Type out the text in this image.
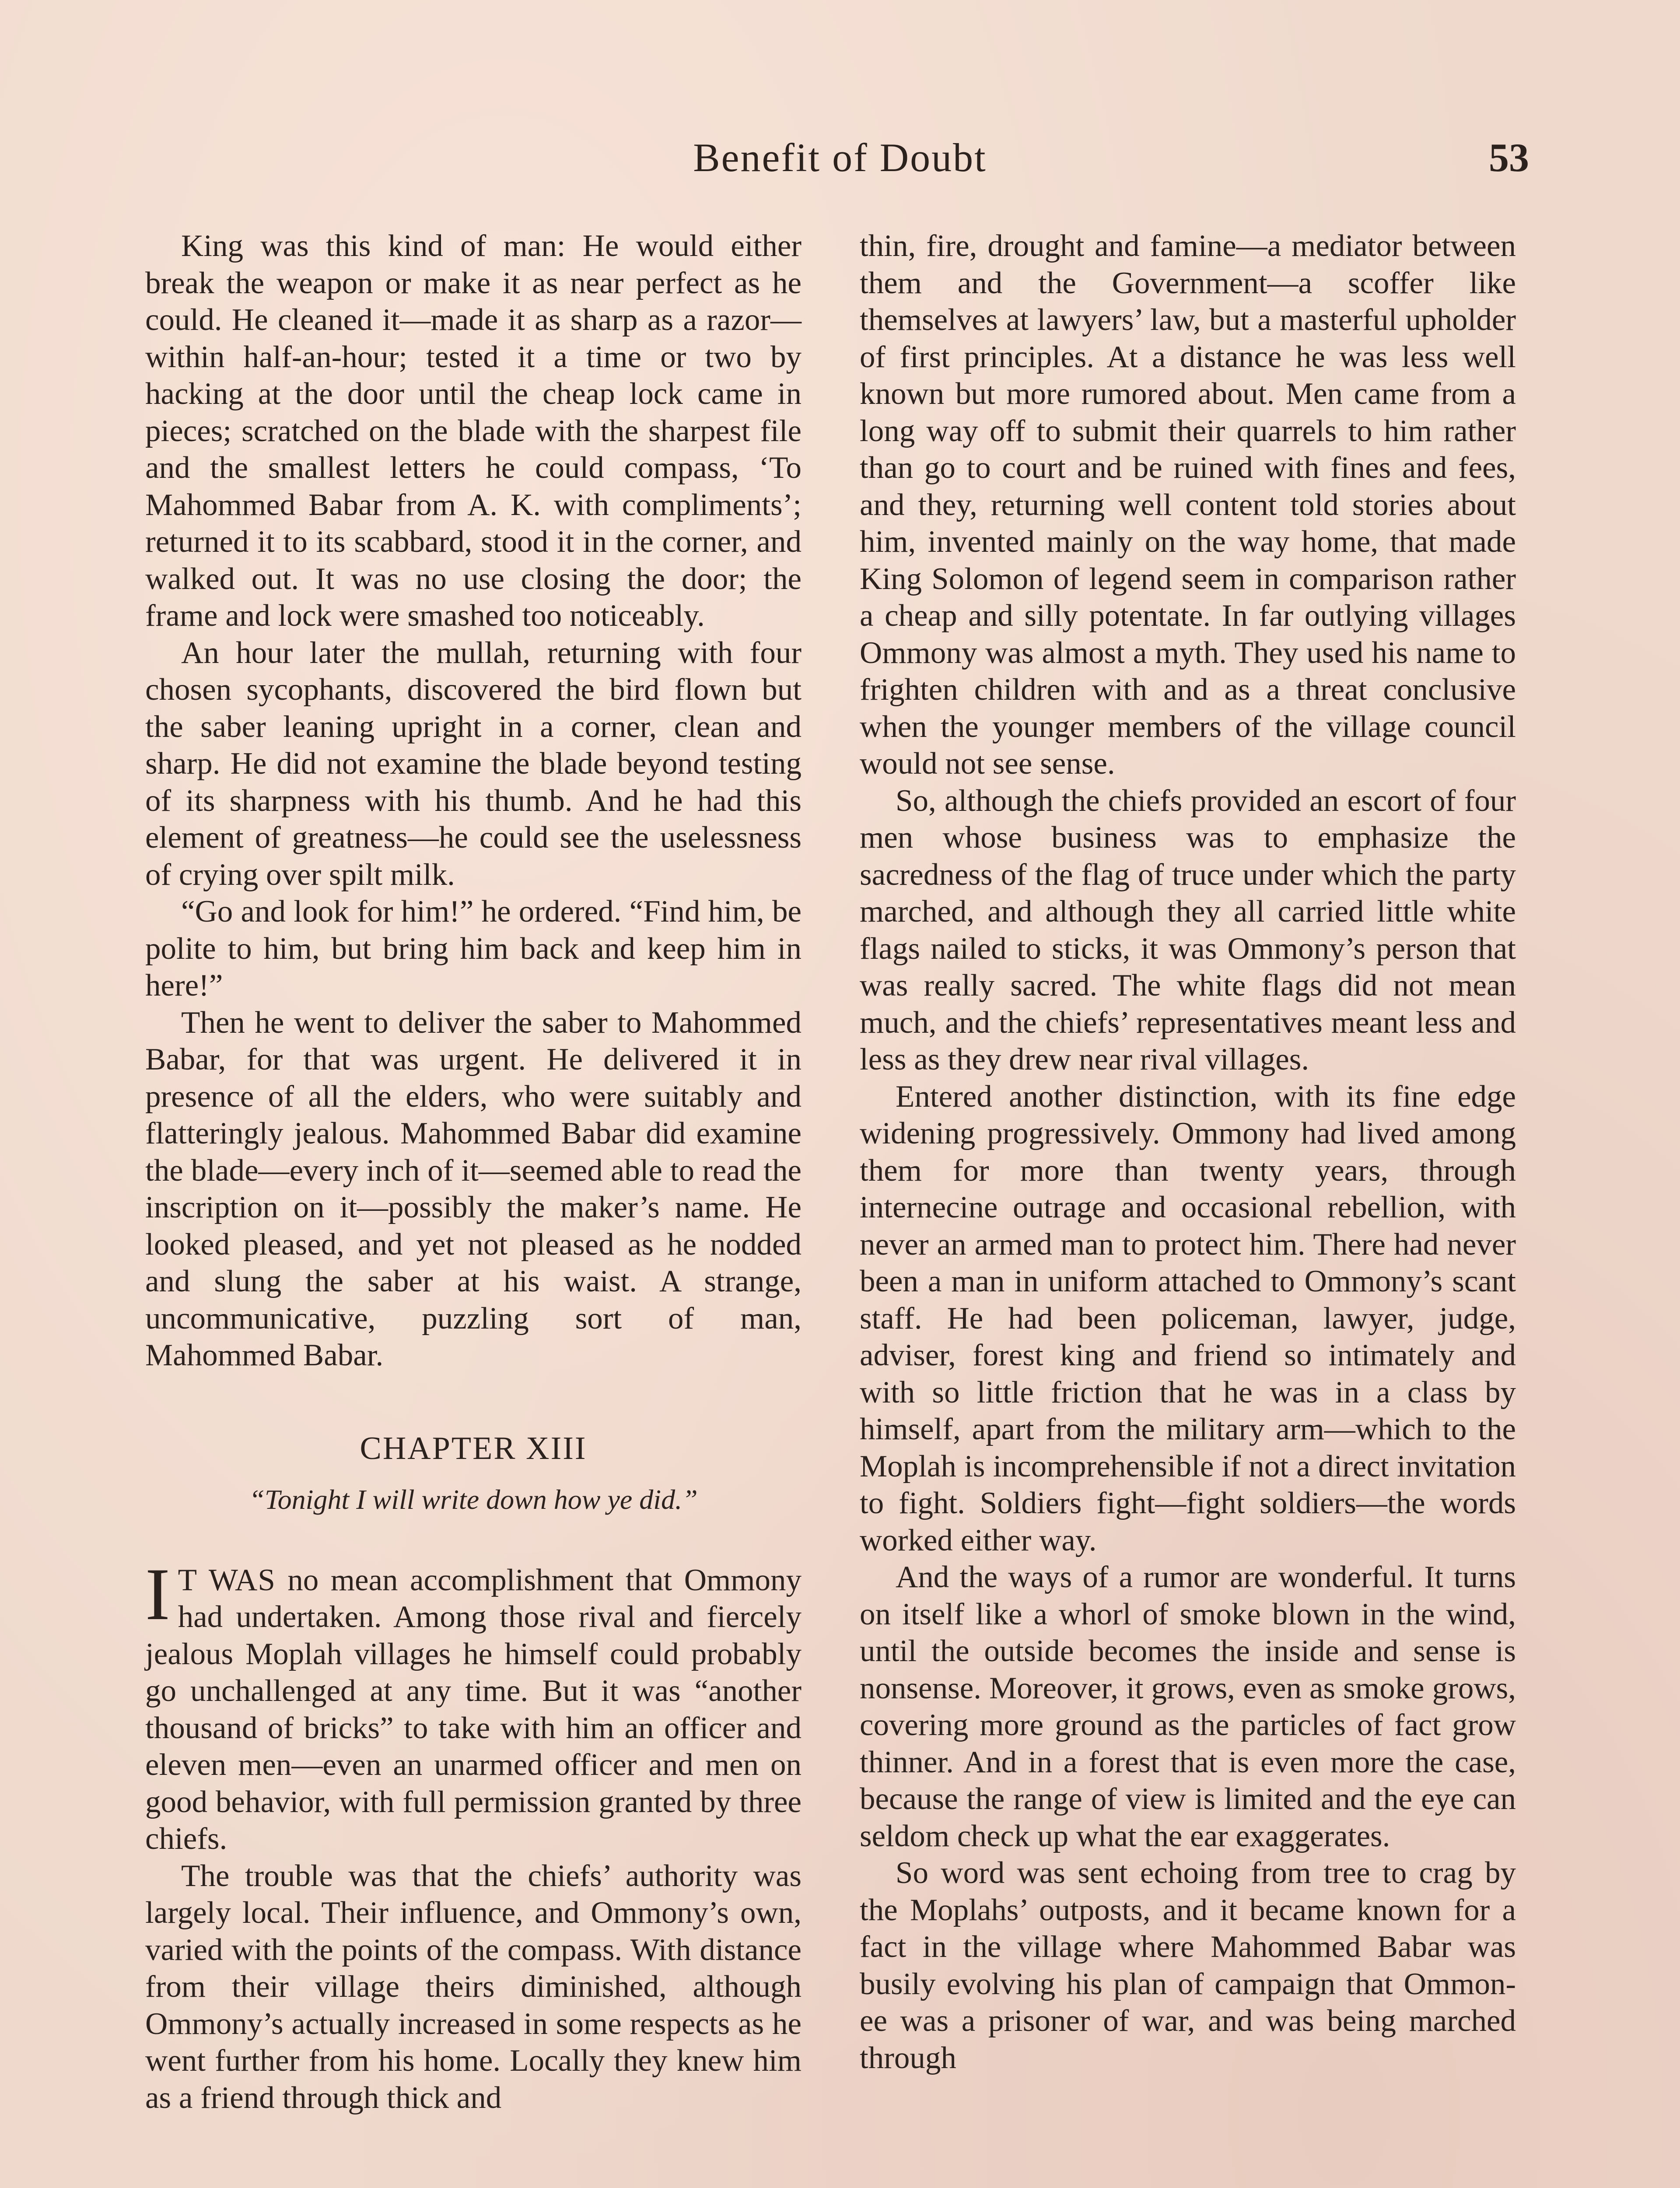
Benefit of Doubt	53

King was this kind of man: He would either break the weapon or make it as near perfect as he could. He cleaned it—made it as sharp as a razor—within half-an-hour; tested it a time or two by hacking at the door until the cheap lock came in pieces; scratched on the blade with the sharpest file and the smallest letters he could compass, ‘To Mahommed Babar from A. K. with compliments’; returned it to its scabbard, stood it in the corner, and walked out. It was no use closing the door; the frame and lock were smashed too noticeably.

An hour later the mullah, returning with four chosen sycophants, discovered the bird flown but the saber leaning upright in a corner, clean and sharp. He did not examine the blade beyond testing of its sharpness with his thumb. And he had this element of greatness—he could see the uselessness of crying over spilt milk.

“Go and look for him!” he ordered. “Find him, be polite to him, but bring him back and keep him in here!”

Then he went to deliver the saber to Mahommed Babar, for that was urgent. He delivered it in presence of all the elders, who were suitably and flatteringly jealous. Mahommed Babar did examine the blade—every inch of it—seemed able to read the inscription on it—possibly the maker’s name. He looked pleased, and yet not pleased as he nodded and slung the saber at his waist. A strange, uncommunicative, puzzling sort of man, Mahommed Babar.

CHAPTER XIII
“Tonight I will write down how ye did.”

I T WAS no mean accomplishment that Ommony had undertaken. Among those rival and fiercely jealous Moplah villages he himself could probably go unchallenged at any time. But it was “another thousand of bricks” to take with him an officer and eleven men—even an unarmed officer and men on good behavior, with full permission granted by three chiefs.

The trouble was that the chiefs’ authority was largely local. Their influence, and Ommony’s own, varied with the points of the compass. With distance from their village theirs diminished, although Ommony’s actually increased in some respects as he went further from his home. Locally they knew him as a friend through thick and

thin, fire, drought and famine—a mediator between them and the Government—a scoffer like themselves at lawyers’ law, but a masterful upholder of first principles. At a distance he was less well known but more rumored about. Men came from a long way off to submit their quarrels to him rather than go to court and be ruined with fines and fees, and they, returning well content told stories about him, invented mainly on the way home, that made King Solomon of legend seem in comparison rather a cheap and silly potentate. In far outlying villages Ommony was almost a myth. They used his name to frighten children with and as a threat conclusive when the younger members of the village council would not see sense.

So, although the chiefs provided an escort of four men whose business was to emphasize the sacredness of the flag of truce under which the party marched, and although they all carried little white flags nailed to sticks, it was Ommony’s person that was really sacred. The white flags did not mean much, and the chiefs’ representatives meant less and less as they drew near rival villages.

Entered another distinction, with its fine edge widening progressively. Ommony had lived among them for more than twenty years, through internecine outrage and occasional rebellion, with never an armed man to protect him. There had never been a man in uniform attached to Ommony’s scant staff. He had been policeman, lawyer, judge, adviser, forest king and friend so intimately and with so little friction that he was in a class by himself, apart from the military arm—which to the Moplah is incomprehensible if not a direct invitation to fight. Soldiers fight—fight soldiers—the words worked either way.

And the ways of a rumor are wonderful. It turns on itself like a whorl of smoke blown in the wind, until the outside becomes the inside and sense is nonsense. Moreover, it grows, even as smoke grows, covering more ground as the particles of fact grow thinner. And in a forest that is even more the case, because the range of view is limited and the eye can seldom check up what the ear exaggerates.

So word was sent echoing from tree to crag by the Moplahs’ outposts, and it became known for a fact in the village where Mahommed Babar was busily evolving his plan of campaign that Ommon-ee was a prisoner of war, and was being marched through
